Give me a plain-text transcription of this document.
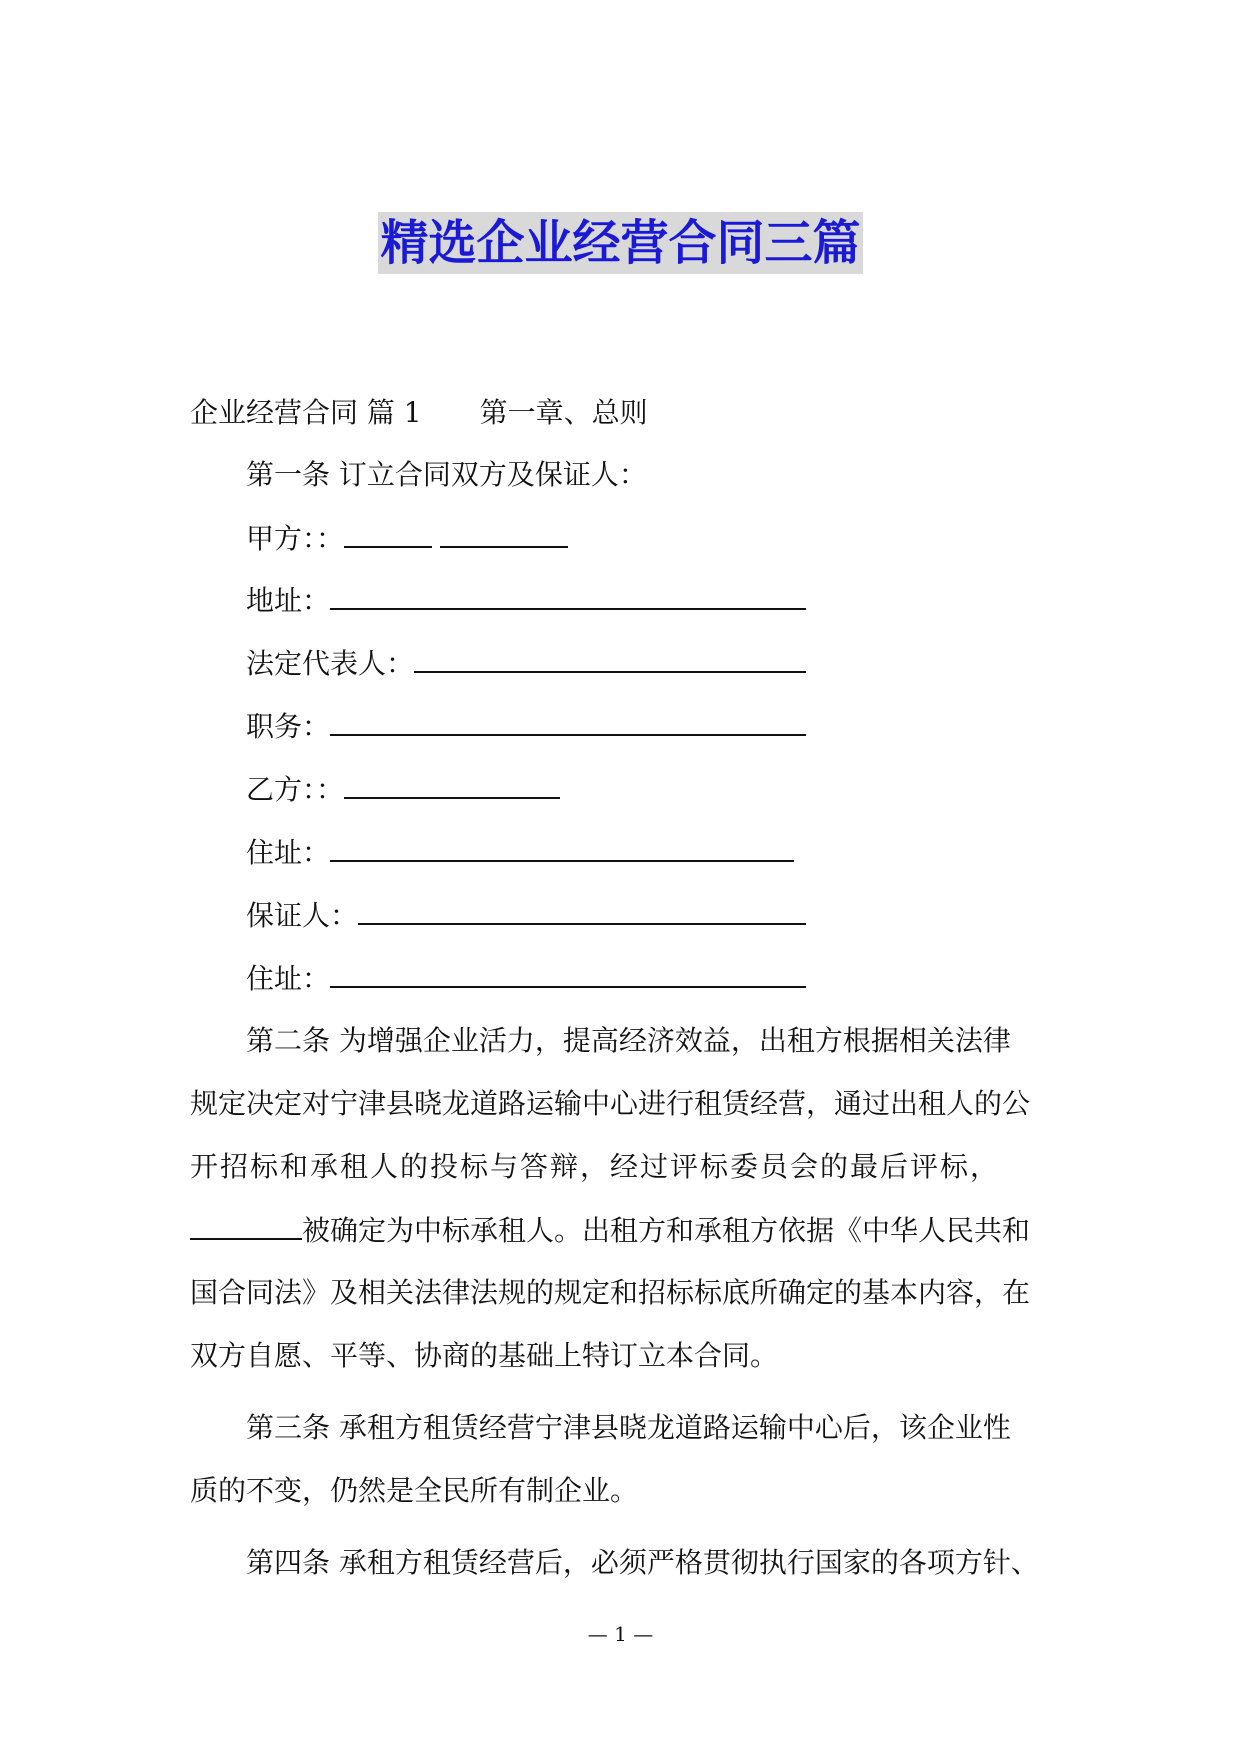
精选企业经营合同三篇
企业经营合同 篇 1 第一章、总则
第一条 订立合同双方及保证人：
甲方：：
地址：
法定代表人：
职务：
乙方：：
住址：
保证人：
住址：
第二条 为增强企业活力，提高经济效益，出租方根据相关法律
规定决定对宁津县晓龙道路运输中心进行租赁经营，通过出租人的公
开招标和承租人的投标与答辩，经过评标委员会的最后评标，
被确定为中标承租人。出租方和承租方依据《中华人民共和
国合同法》及相关法律法规的规定和招标标底所确定的基本内容，在
双方自愿、平等、协商的基础上特订立本合同。
第三条 承租方租赁经营宁津县晓龙道路运输中心后，该企业性
质的不变，仍然是全民所有制企业。
第四条 承租方租赁经营后，必须严格贯彻执行国家的各项方针、
— 1 —
